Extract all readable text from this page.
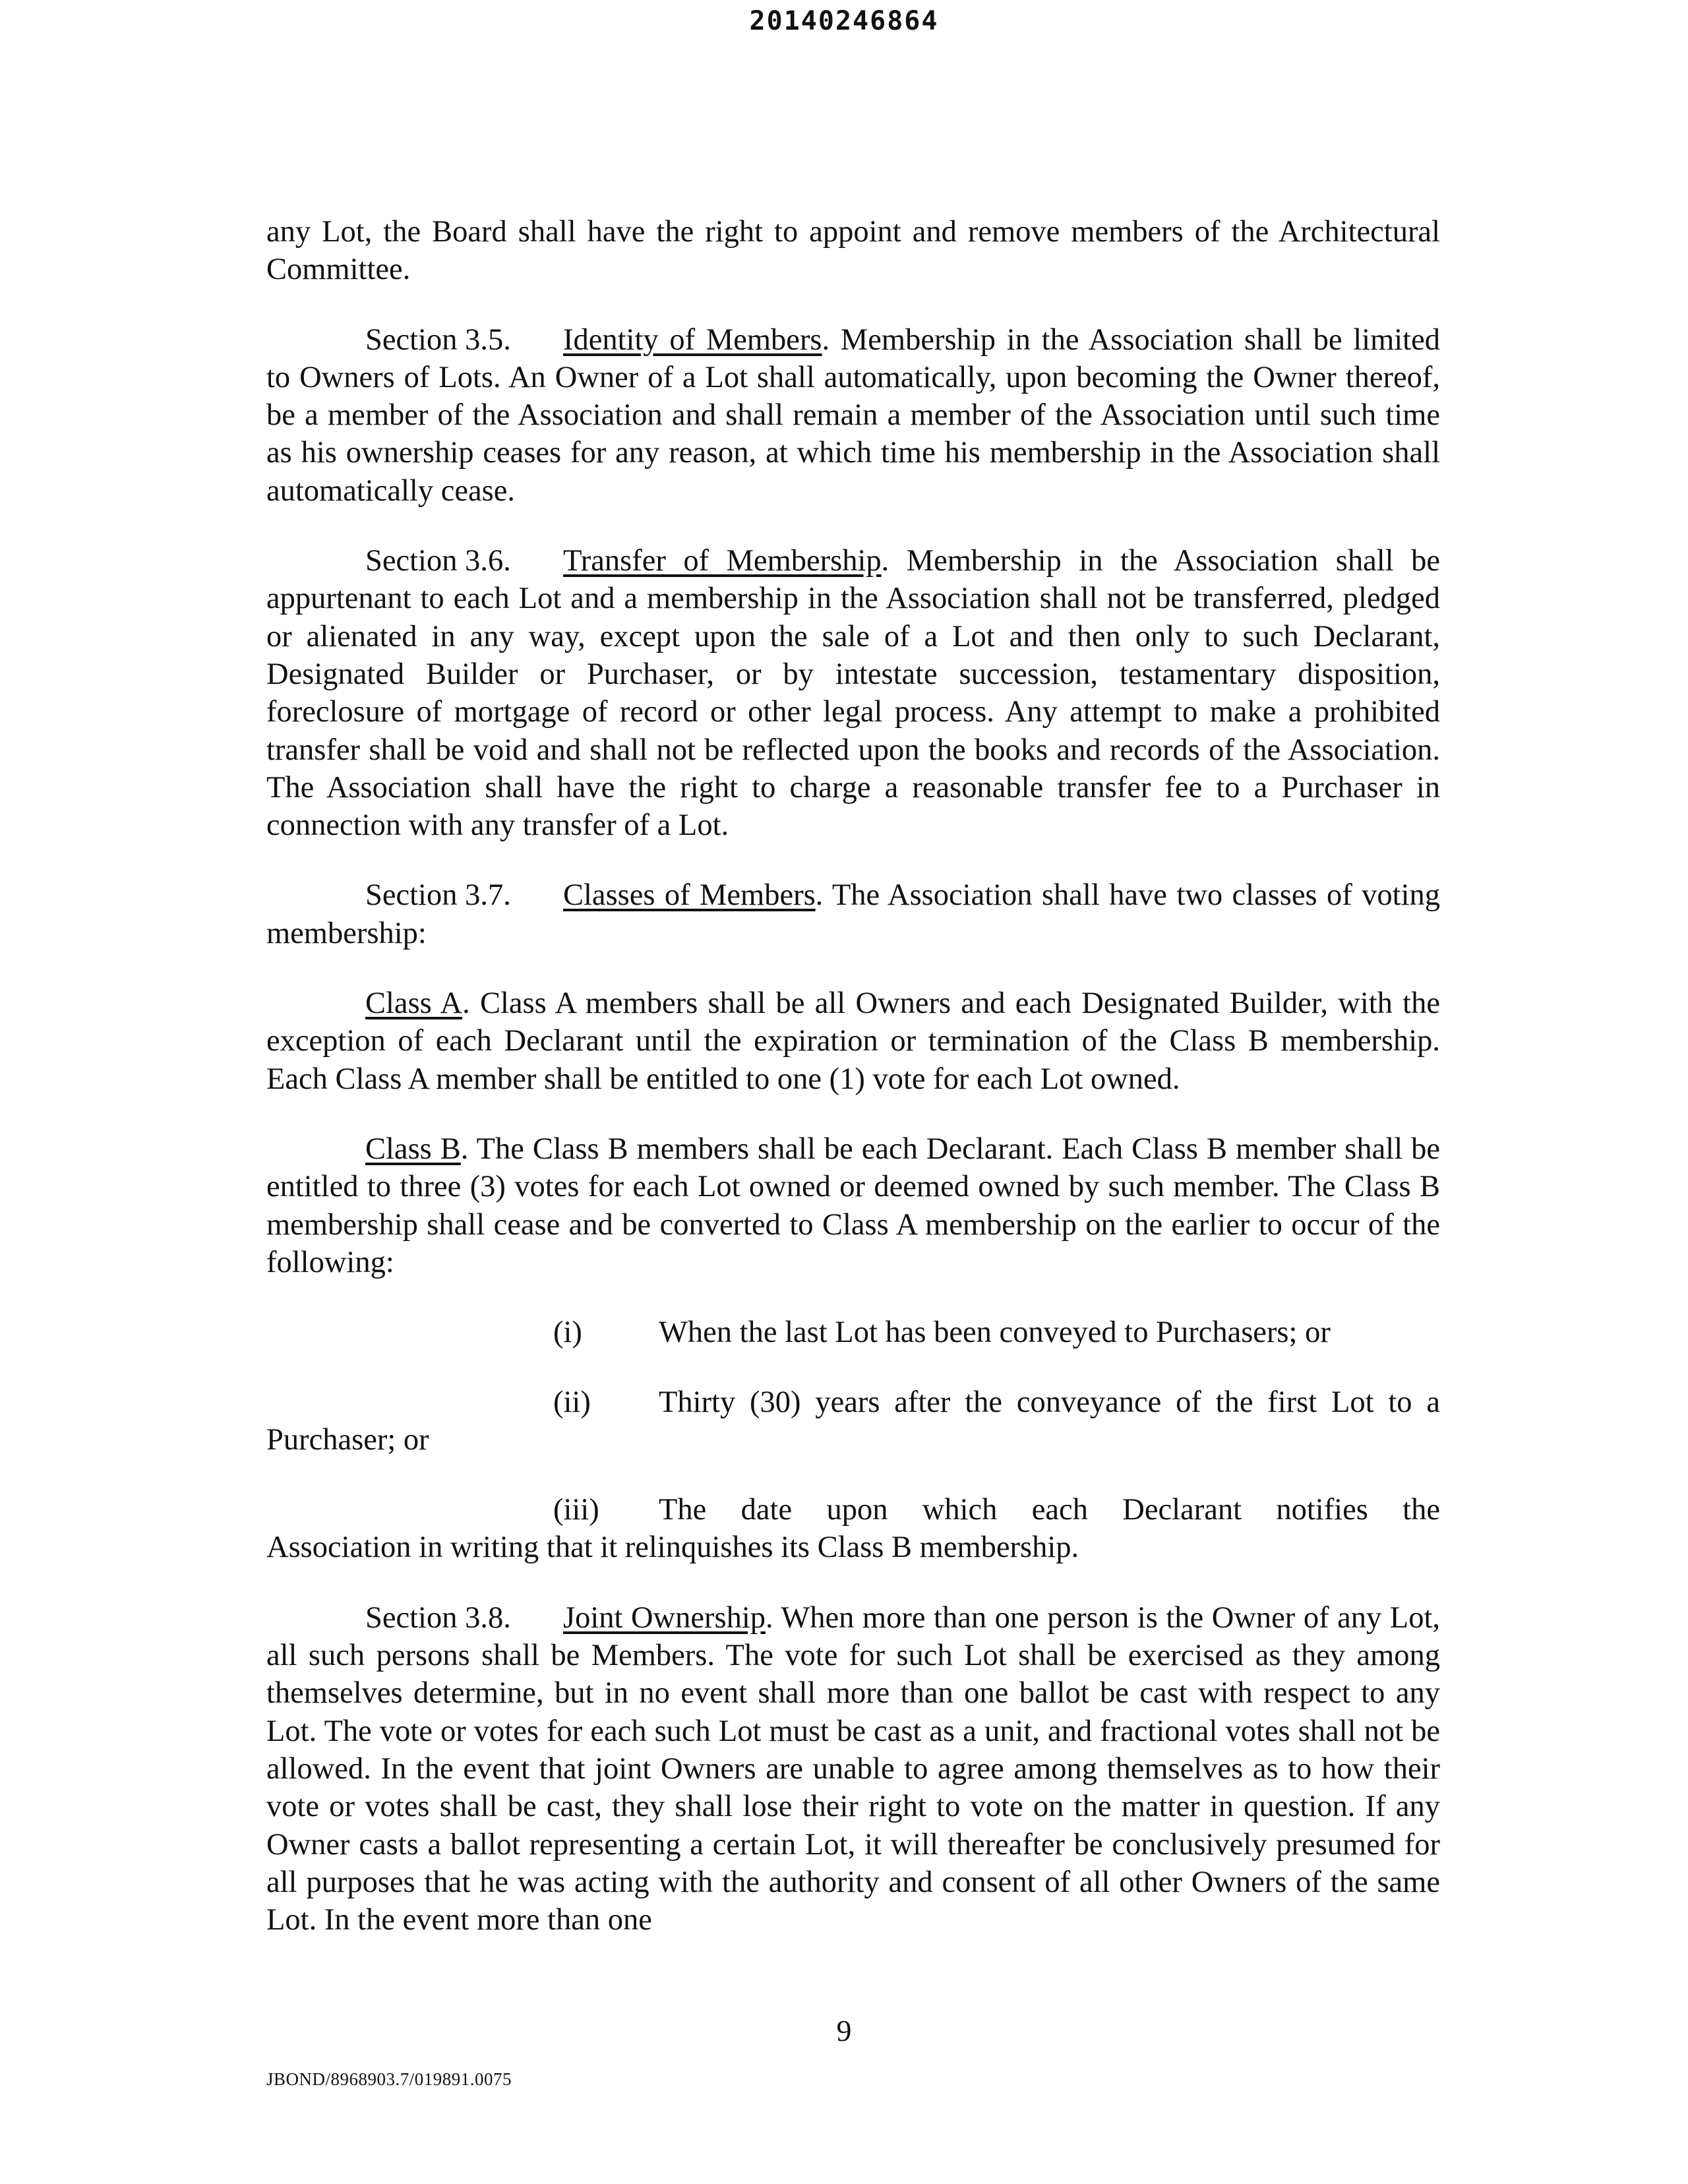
20140246864

any Lot, the Board shall have the right to appoint and remove members of the Architectural Committee.

Section 3.5. Identity of Members. Membership in the Association shall be limited to Owners of Lots. An Owner of a Lot shall automatically, upon becoming the Owner thereof, be a member of the Association and shall remain a member of the Association until such time as his ownership ceases for any reason, at which time his membership in the Association shall automatically cease.

Section 3.6. Transfer of Membership. Membership in the Association shall be appurtenant to each Lot and a membership in the Association shall not be transferred, pledged or alienated in any way, except upon the sale of a Lot and then only to such Declarant, Designated Builder or Purchaser, or by intestate succession, testamentary disposition, foreclosure of mortgage of record or other legal process. Any attempt to make a prohibited transfer shall be void and shall not be reflected upon the books and records of the Association. The Association shall have the right to charge a reasonable transfer fee to a Purchaser in connection with any transfer of a Lot.

Section 3.7. Classes of Members. The Association shall have two classes of voting membership:

Class A. Class A members shall be all Owners and each Designated Builder, with the exception of each Declarant until the expiration or termination of the Class B membership. Each Class A member shall be entitled to one (1) vote for each Lot owned.

Class B. The Class B members shall be each Declarant. Each Class B member shall be entitled to three (3) votes for each Lot owned or deemed owned by such member. The Class B membership shall cease and be converted to Class A membership on the earlier to occur of the following:

(i) When the last Lot has been conveyed to Purchasers; or
(ii) Thirty (30) years after the conveyance of the first Lot to a
Purchaser; or
(iii) The date upon which each Declarant notifies the
Association in writing that it relinquishes its Class B membership.

Section 3.8. Joint Ownership. When more than one person is the Owner of any Lot, all such persons shall be Members. The vote for such Lot shall be exercised as they among themselves determine, but in no event shall more than one ballot be cast with respect to any Lot. The vote or votes for each such Lot must be cast as a unit, and fractional votes shall not be allowed. In the event that joint Owners are unable to agree among themselves as to how their vote or votes shall be cast, they shall lose their right to vote on the matter in question. If any Owner casts a ballot representing a certain Lot, it will thereafter be conclusively presumed for all purposes that he was acting with the authority and consent of all other Owners of the same Lot. In the event more than one

9
JBOND/8968903.7/019891.0075
